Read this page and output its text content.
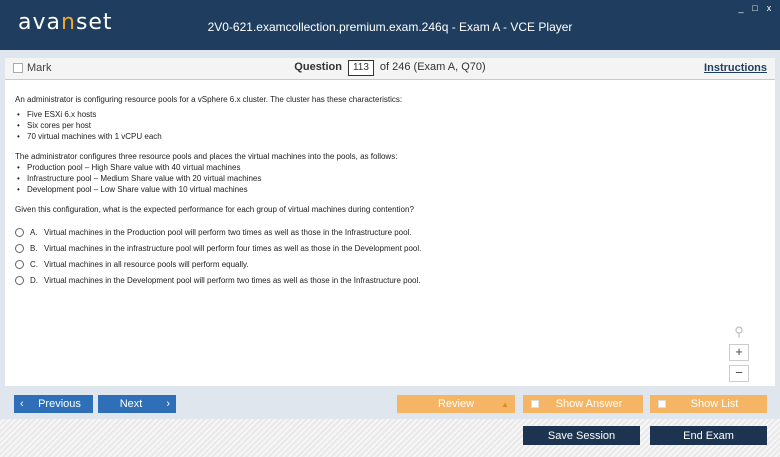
avanset	2V0-621.examcollection.premium.exam.246q - Exam A - VCE Player
_ □	x
Mark	Question 113 of 246 (Exam A, Q70)	Instructions

An administrator is configuring resource pools for a vSphere 6.x cluster. The cluster has these characteristics:

• Five ESXi 6.x hosts
• Six cores per host
• 70 virtual machines with 1 vCPU each

The administrator configures three resource pools and places the virtual machines into the pools, as follows:

• Production pool – High Share value with 40 virtual machines
• Infrastructure pool – Medium Share value with 20 virtual machines
• Development pool – Low Share value with 10 virtual machines

Given this configuration, what is the expected performance for each group of virtual machines during contention?

A. Virtual machines in the Production pool will perform two times as well as those in the Infrastructure pool.
B. Virtual machines in the infrastructure pool will perform four times as well as those in the Development pool.
C. Virtual machines in all resource pools will perform equally.
D. Virtual machines in the Development pool will perform two times as well as those in the Infrastructure pool.
⚲
+
−
‹	Previous	Next	›	Review	▲	Show Answer	Show List
Save Session	End Exam
